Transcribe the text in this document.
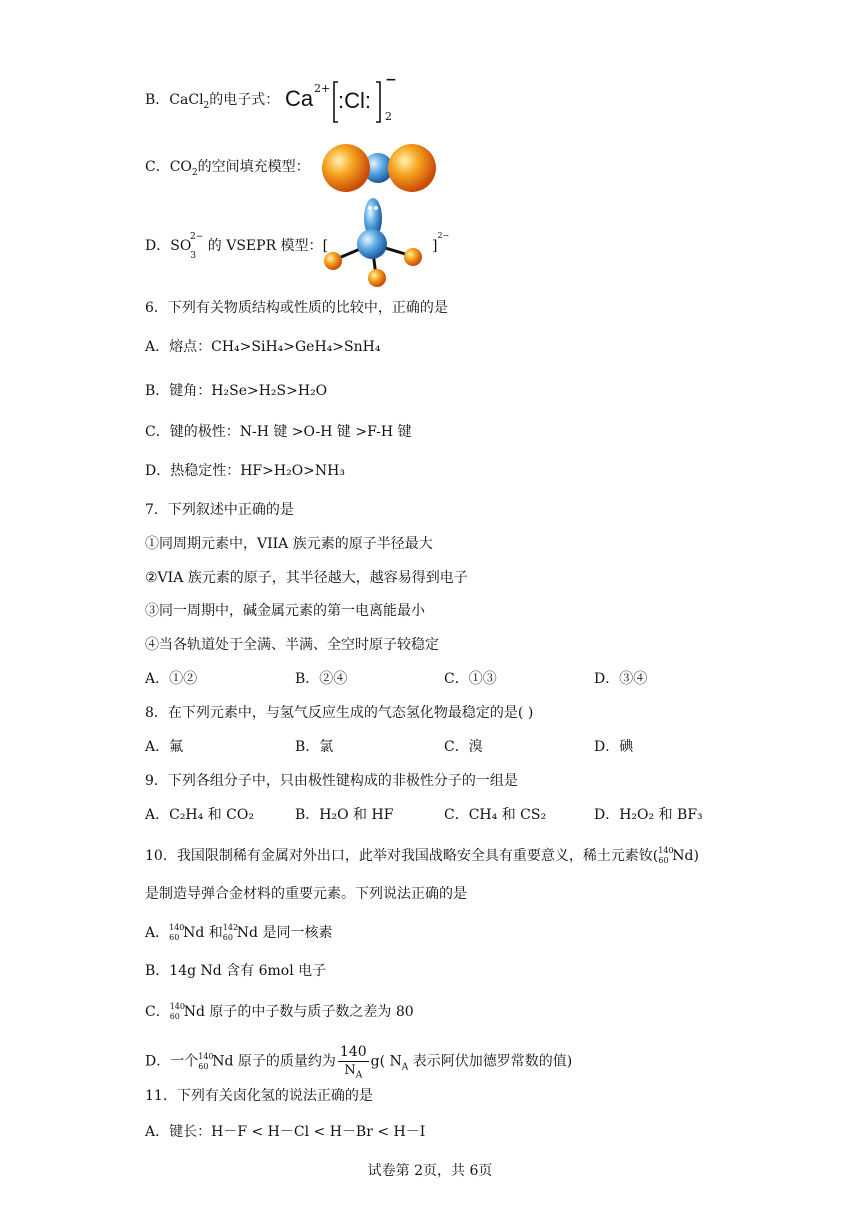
B．CaCl$_2$的电子式： Ca 2+ :Cl:
−
2
C．$CO_2$的空间填充模型：
D．$SO_3^{2-}$ 的 VSEPR 模型：[	]$^{2-}$
6．下列有关物质结构或性质的比较中，正确的是
A．熔点：CH₄>SiH₄>GeH₄>SnH₄
B．键角：H₂Se>H₂S>H₂O
C．键的极性：N-H 键 >O-H 键 >F-H 键
D．热稳定性：HF>H₂O>NH₃
7．下列叙述中正确的是
①同周期元素中，VIIA 族元素的原子半径最大
②VIA 族元素的原子，其半径越大，越容易得到电子
③同一周期中，碱金属元素的第一电离能最小
④当各轨道处于全满、半满、全空时原子较稳定
A．①②	B．②④	C．①③	D．③④
8．在下列元素中，与氢气反应生成的气态氢化物最稳定的是( )
A．氟	B．氯	C．溴	D．碘
9．下列各组分子中，只由极性键构成的非极性分子的一组是
A．C₂H₄ 和 CO₂	B．H₂O 和 HF	C．CH₄ 和 CS₂	D．H₂O₂ 和 BF₃
10．我国限制稀有金属对外出口，此举对我国战略安全具有重要意义，稀土元素钕( 140
60 Nd)
是制造导弹合金材料的重要元素。下列说法正确的是
A． 140
60 Nd 和 142
60 Nd 是同一核素
B．14g Nd 含有 6mol 电子
C． 140
60 Nd 原子的中子数与质子数之差为 80
D．一个 140
60 Nd 原子的质量约为 $\frac{140}{N_A} g$( $N_A$ 表示阿伏加德罗常数的值)
11．下列有关卤化氢的说法正确的是
A．键长：H－F < H－Cl < H－Br < H－I
试卷第 2页，共 6页
